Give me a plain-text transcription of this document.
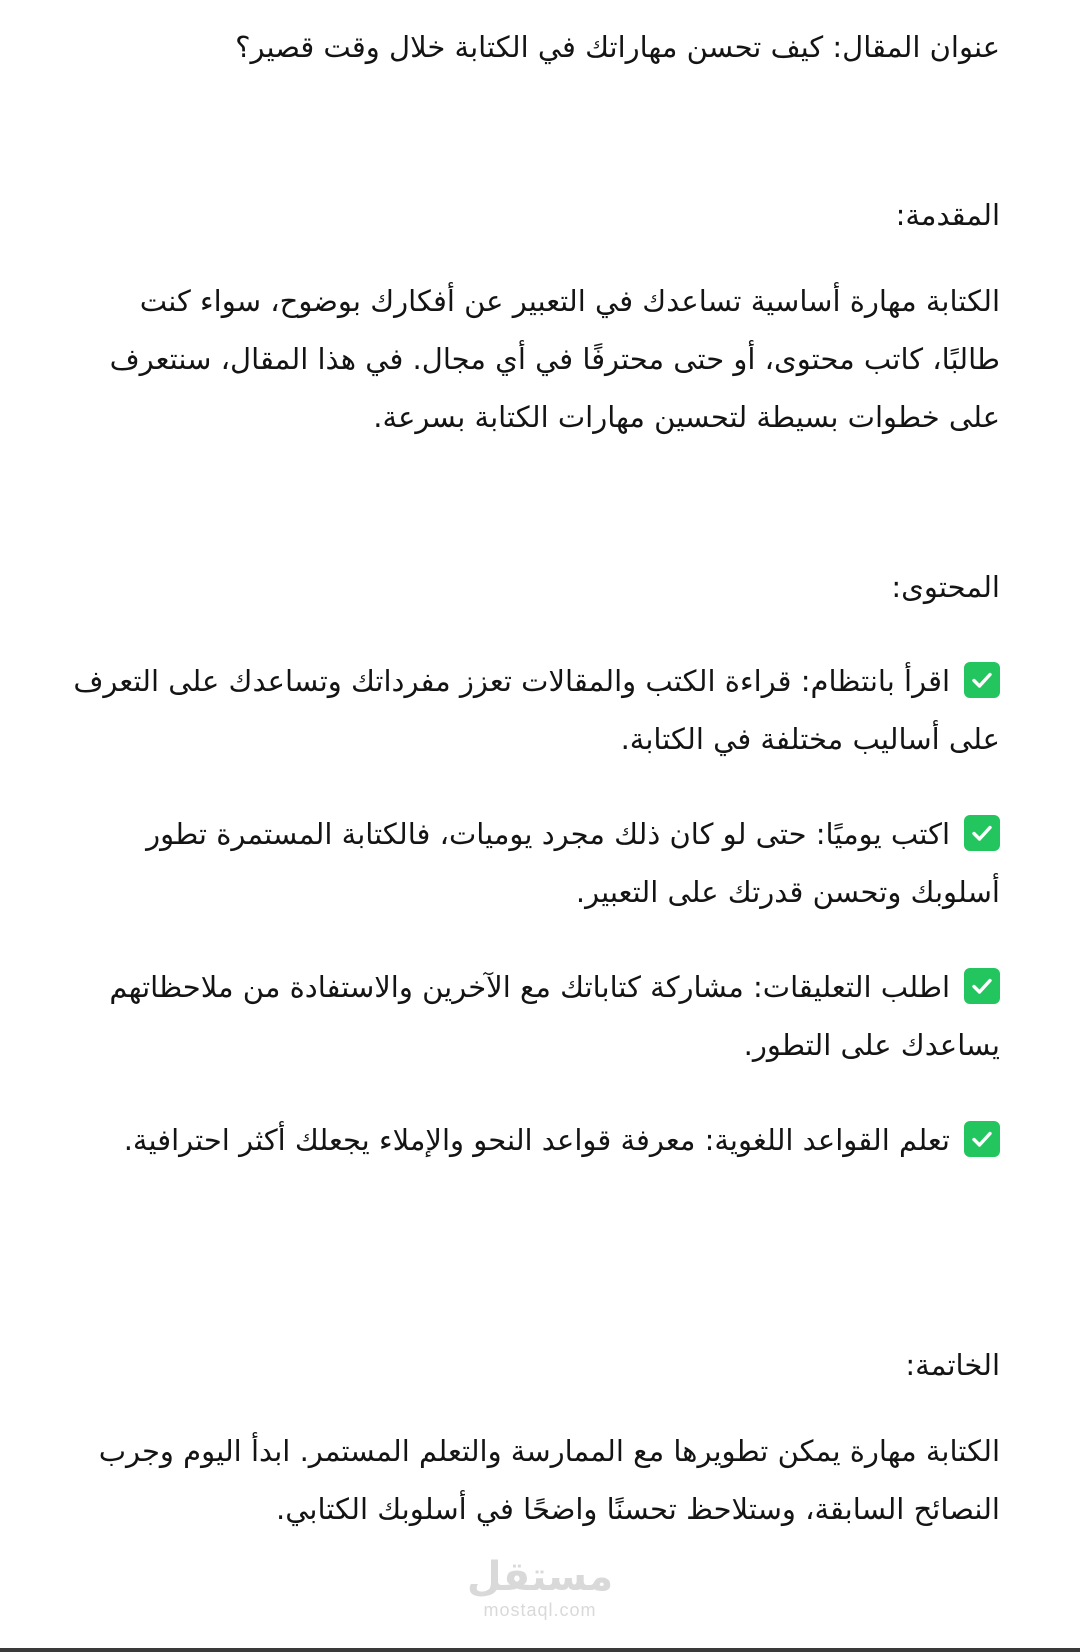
عنوان المقال: كيف تحسن مهاراتك في الكتابة خلال وقت قصير؟

المقدمة:

الكتابة مهارة أساسية تساعدك في التعبير عن أفكارك بوضوح، سواء كنت طالبًا، كاتب محتوى، أو حتى محترفًا في أي مجال. في هذا المقال، سنتعرف على خطوات بسيطة لتحسين مهارات الكتابة بسرعة.

المحتوى:

اقرأ بانتظام: قراءة الكتب والمقالات تعزز مفرداتك وتساعدك على التعرف على أساليب مختلفة في الكتابة.

اكتب يوميًا: حتى لو كان ذلك مجرد يوميات، فالكتابة المستمرة تطور أسلوبك وتحسن قدرتك على التعبير.

اطلب التعليقات: مشاركة كتاباتك مع الآخرين والاستفادة من ملاحظاتهم يساعدك على التطور.

تعلم القواعد اللغوية: معرفة قواعد النحو والإملاء يجعلك أكثر احترافية.

الخاتمة:

الكتابة مهارة يمكن تطويرها مع الممارسة والتعلم المستمر. ابدأ اليوم وجرب النصائح السابقة، وستلاحظ تحسنًا واضحًا في أسلوبك الكتابي.

مستقل
mostaql.com
